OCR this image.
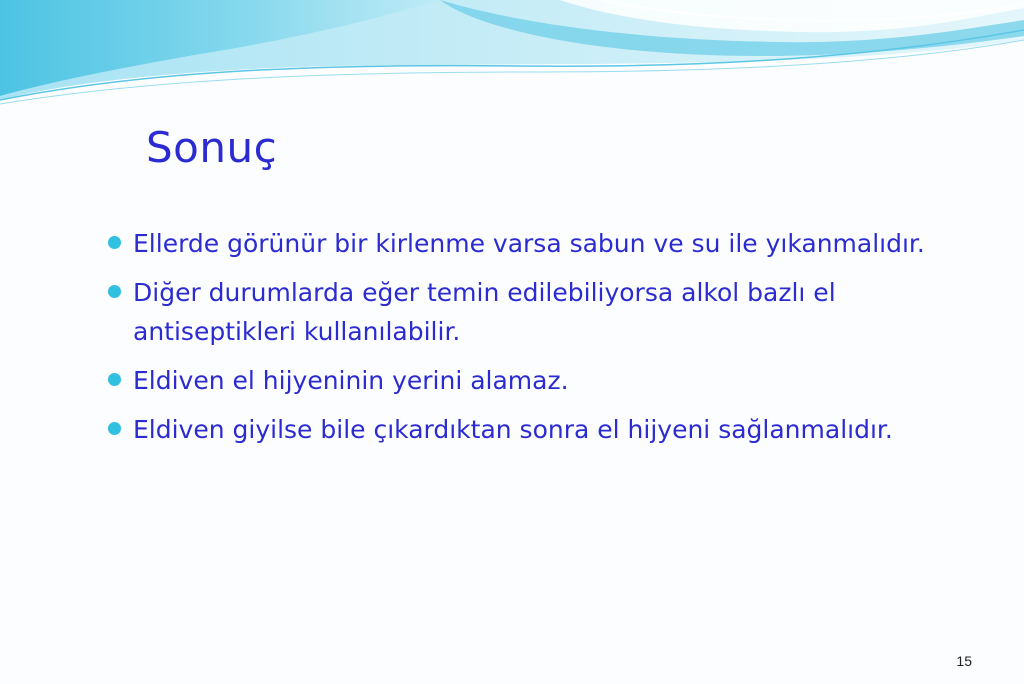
Sonuç
Ellerde görünür bir kirlenme varsa sabun ve su ile yıkanmalıdır.
Diğer durumlarda eğer temin edilebiliyorsa alkol bazlı el antiseptikleri kullanılabilir.
Eldiven el hijyeninin yerini alamaz.
Eldiven giyilse bile çıkardıktan sonra el hijyeni sağlanmalıdır.
15
